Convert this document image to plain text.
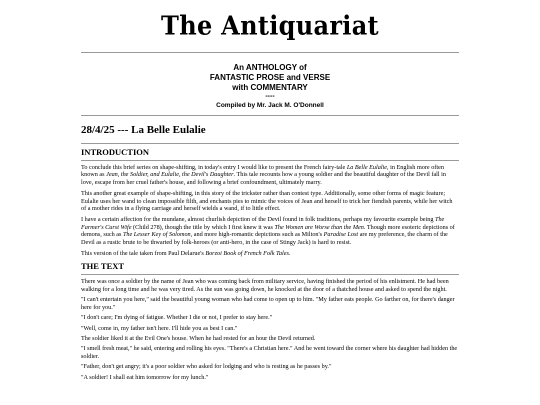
The Antiquariat
An ANTHOLOGY of
FANTASTIC PROSE and VERSE
with COMMENTARY
----
Compiled by Mr. Jack M. O'Donnell
28/4/25 --- La Belle Eulalie
INTRODUCTION

To conclude this brief series on shape-shifting, in today's entry I would like to present the French fairy-tale La Belle Eulalie, in English more often known as Jean, the Soldier, and Eulalie, the Devil's Daughter. This tale recounts how a young soldier and the beautiful daughter of the Devil fall in love, escape from her cruel father's house, and following a brief confoundment, ultimately marry.

This another great example of shape-shifting, in this story of the trickster rather than contest type. Additionally, some other forms of magic feature; Eulalie uses her wand to clean impossible filth, and enchants pies to mimic the voices of Jean and herself to trick her fiendish parents, while her witch of a mother rides in a flying carriage and herself wields a wand, if to little effect.

I have a certain affection for the mundane, almost churlish depiction of the Devil found in folk traditions, perhaps my favourite example being The Farmer's Curst Wife (Child 278), though the title by which I first knew it was The Women are Worse than the Men. Though more esoteric depictions of demons, such as The Lesser Key of Solomon, and more high-romantic depictions such as Milton's Paradise Lost are my preference, the charm of the Devil as a rustic brute to be thwarted by folk-heroes (or anti-hero, in the case of Stingy Jack) is hard to resist.

This version of the tale taken from Paul Delarue's Borzoi Book of French Folk Tales.

THE TEXT

There was once a soldier by the name of Jean who was coming back from military service, having finished the period of his enlistment. He had been walking for a long time and he was very tired. As the sun was going down, he knocked at the door of a thatched house and asked to spend the night.

"I can't entertain you here," said the beautiful young woman who had come to open up to him. "My father eats people. Go farther on, for there's danger here for you."

"I don't care; I'm dying of fatigue. Whether I die or not, I prefer to stay here."

"Well, come in, my father isn't here. I'll hide you as best I can."

The soldier liked it at the Evil One's house. When he had rested for an hour the Devil returned.

"I smell fresh meat," he said, entering and rolling his eyes. "There's a Christian here." And he went toward the corner where his daughter had hidden the soldier.

"Father, don't get angry; it's a poor soldier who asked for lodging and who is resting as he passes by."

"A soldier! I shall eat him tomorrow for my lunch."
